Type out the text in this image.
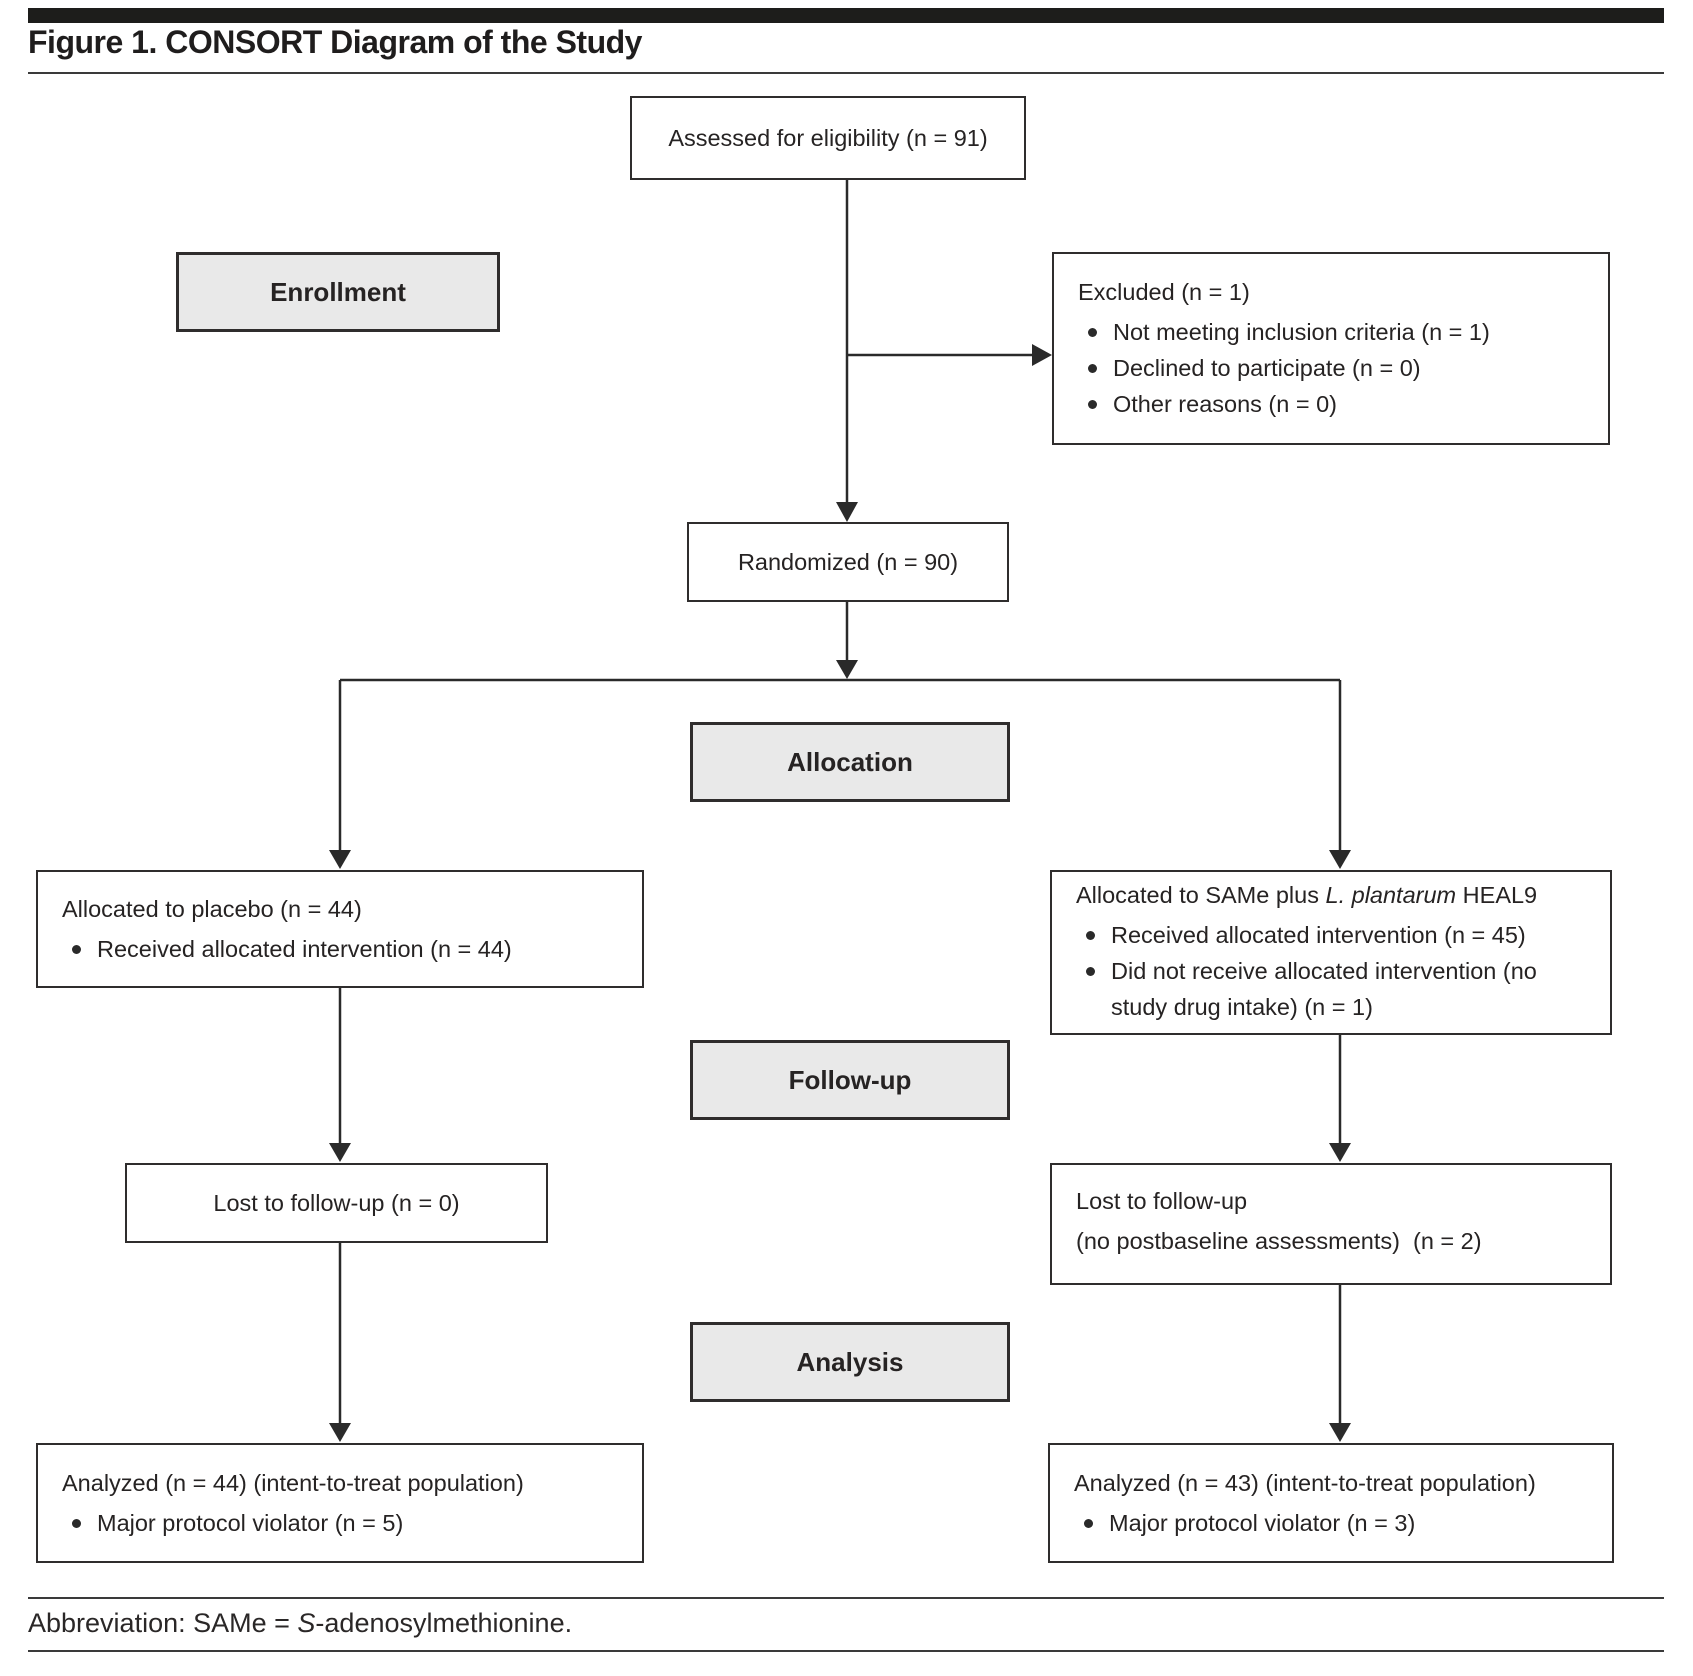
Figure 1. CONSORT Diagram of the Study
Assessed for eligibility (n = 91)
Enrollment	Excluded (n = 1)
Not meeting inclusion criteria (n = 1)
Declined to participate (n = 0)
Other reasons (n = 0)
Randomized (n = 90)
Allocation
Allocated to placebo (n = 44)
Received allocated intervention (n = 44)
Allocated to SAMe plus L. plantarum HEAL9
Received allocated intervention (n = 45)
Did not receive allocated intervention (no study drug intake) (n = 1)
Follow-up
Lost to follow-up (n = 0)	Lost to follow-up
(no postbaseline assessments)  (n = 2)
Analysis
Analyzed (n = 44) (intent-to-treat population)
Major protocol violator (n = 5)
Analyzed (n = 43) (intent-to-treat population)
Major protocol violator (n = 3)
Abbreviation: SAMe = S-adenosylmethionine.
